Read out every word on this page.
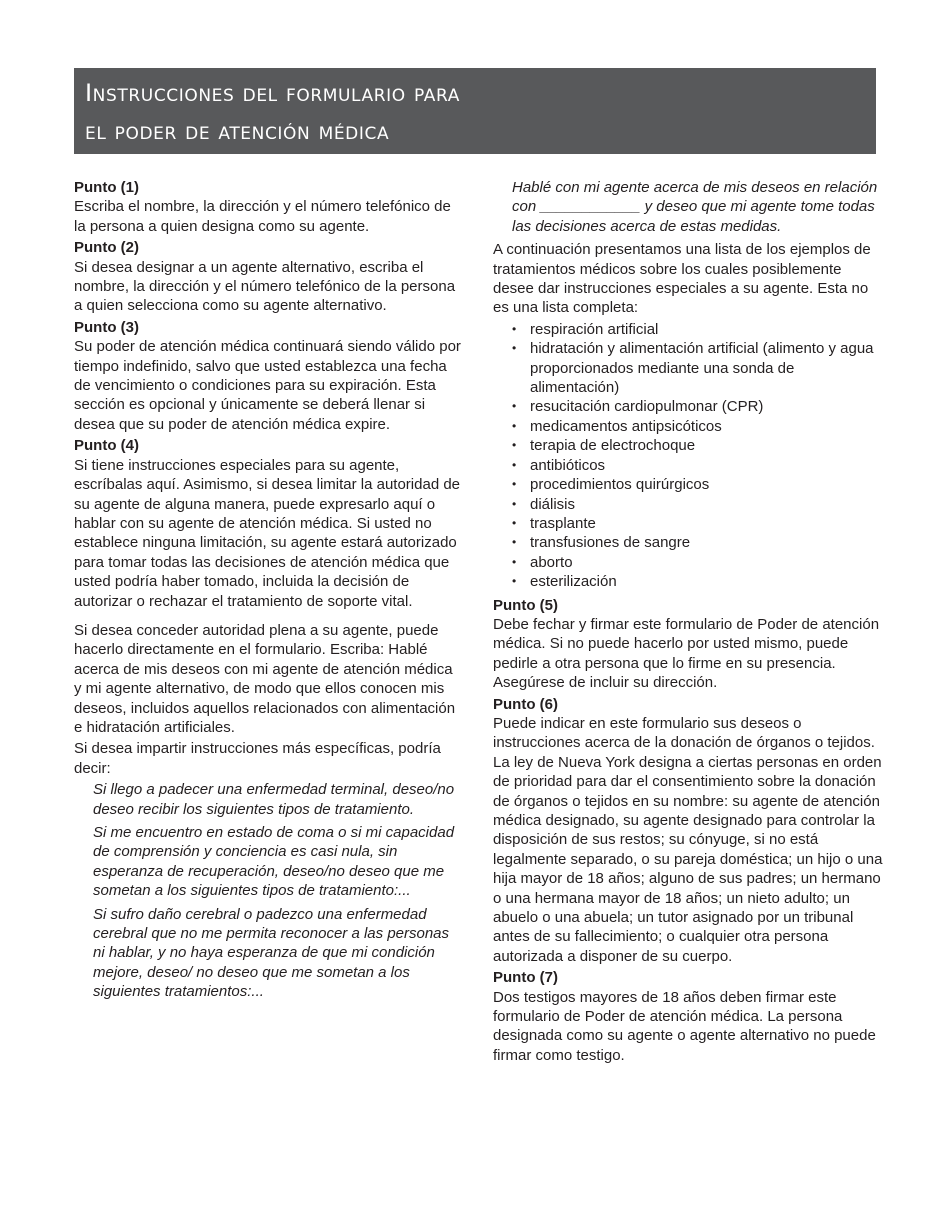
Instrucciones del formulario para
el poder de atención médica

Punto (1)

Escriba el nombre, la dirección y el número telefónico de la persona a quien designa como su agente.

Punto (2)

Si desea designar a un agente alternativo, escriba el nombre, la dirección y el número telefónico de la persona a quien selecciona como su agente alternativo.

Punto (3)

Su poder de atención médica continuará siendo válido por tiempo indefinido, salvo que usted establezca una fecha de vencimiento o condiciones para su expiración. Esta sección es opcional y únicamente se deberá llenar si desea que su poder de atención médica expire.

Punto (4)

Si tiene instrucciones especiales para su agente, escríbalas aquí. Asimismo, si desea limitar la autoridad de su agente de alguna manera, puede expresarlo aquí o hablar con su agente de atención médica. Si usted no establece ninguna limitación, su agente estará autorizado para tomar todas las decisiones de atención médica que usted podría haber tomado, incluida la decisión de autorizar o rechazar el tratamiento de soporte vital.

Si desea conceder autoridad plena a su agente, puede hacerlo directamente en el formulario. Escriba: Hablé acerca de mis deseos con mi agente de atención médica y mi agente alternativo, de modo que ellos conocen mis deseos, incluidos aquellos relacionados con alimentación e hidratación artificiales.

Si desea impartir instrucciones más específicas, podría decir:

Si llego a padecer una enfermedad terminal, deseo/no deseo recibir los siguientes tipos de tratamiento.

Si me encuentro en estado de coma o si mi capacidad de comprensión y conciencia es casi nula, sin esperanza de recuperación, deseo/no deseo que me sometan a los siguientes tipos de tratamiento:...

Si sufro daño cerebral o padezco una enfermedad cerebral que no me permita reconocer a las personas ni hablar, y no haya esperanza de que mi condición mejore, deseo/ no deseo que me sometan a los siguientes tratamientos:...

Hablé con mi agente acerca de mis deseos en relación con ____________ y deseo que mi agente tome todas las decisiones acerca de estas medidas.

A continuación presentamos una lista de los ejemplos de tratamientos médicos sobre los cuales posiblemente desee dar instrucciones especiales a su agente. Esta no es una lista completa:

• respiración artificial
• hidratación y alimentación artificial (alimento y agua proporcionados mediante una sonda de alimentación)
• resucitación cardiopulmonar (CPR)
• medicamentos antipsicóticos
• terapia de electrochoque
• antibióticos
• procedimientos quirúrgicos
• diálisis
• trasplante
• transfusiones de sangre
• aborto
• esterilización

Punto (5)

Debe fechar y firmar este formulario de Poder de atención médica. Si no puede hacerlo por usted mismo, puede pedirle a otra persona que lo firme en su presencia. Asegúrese de incluir su dirección.

Punto (6)

Puede indicar en este formulario sus deseos o instrucciones acerca de la donación de órganos o tejidos. La ley de Nueva York designa a ciertas personas en orden de prioridad para dar el consentimiento sobre la donación de órganos o tejidos en su nombre: su agente de atención médica designado, su agente designado para controlar la disposición de sus restos; su cónyuge, si no está legalmente separado, o su pareja doméstica; un hijo o una hija mayor de 18 años; alguno de sus padres; un hermano o una hermana mayor de 18 años; un nieto adulto; un abuelo o una abuela; un tutor asignado por un tribunal antes de su fallecimiento; o cualquier otra persona autorizada a disponer de su cuerpo.

Punto (7)

Dos testigos mayores de 18 años deben firmar este formulario de Poder de atención médica. La persona designada como su agente o agente alternativo no puede firmar como testigo.
